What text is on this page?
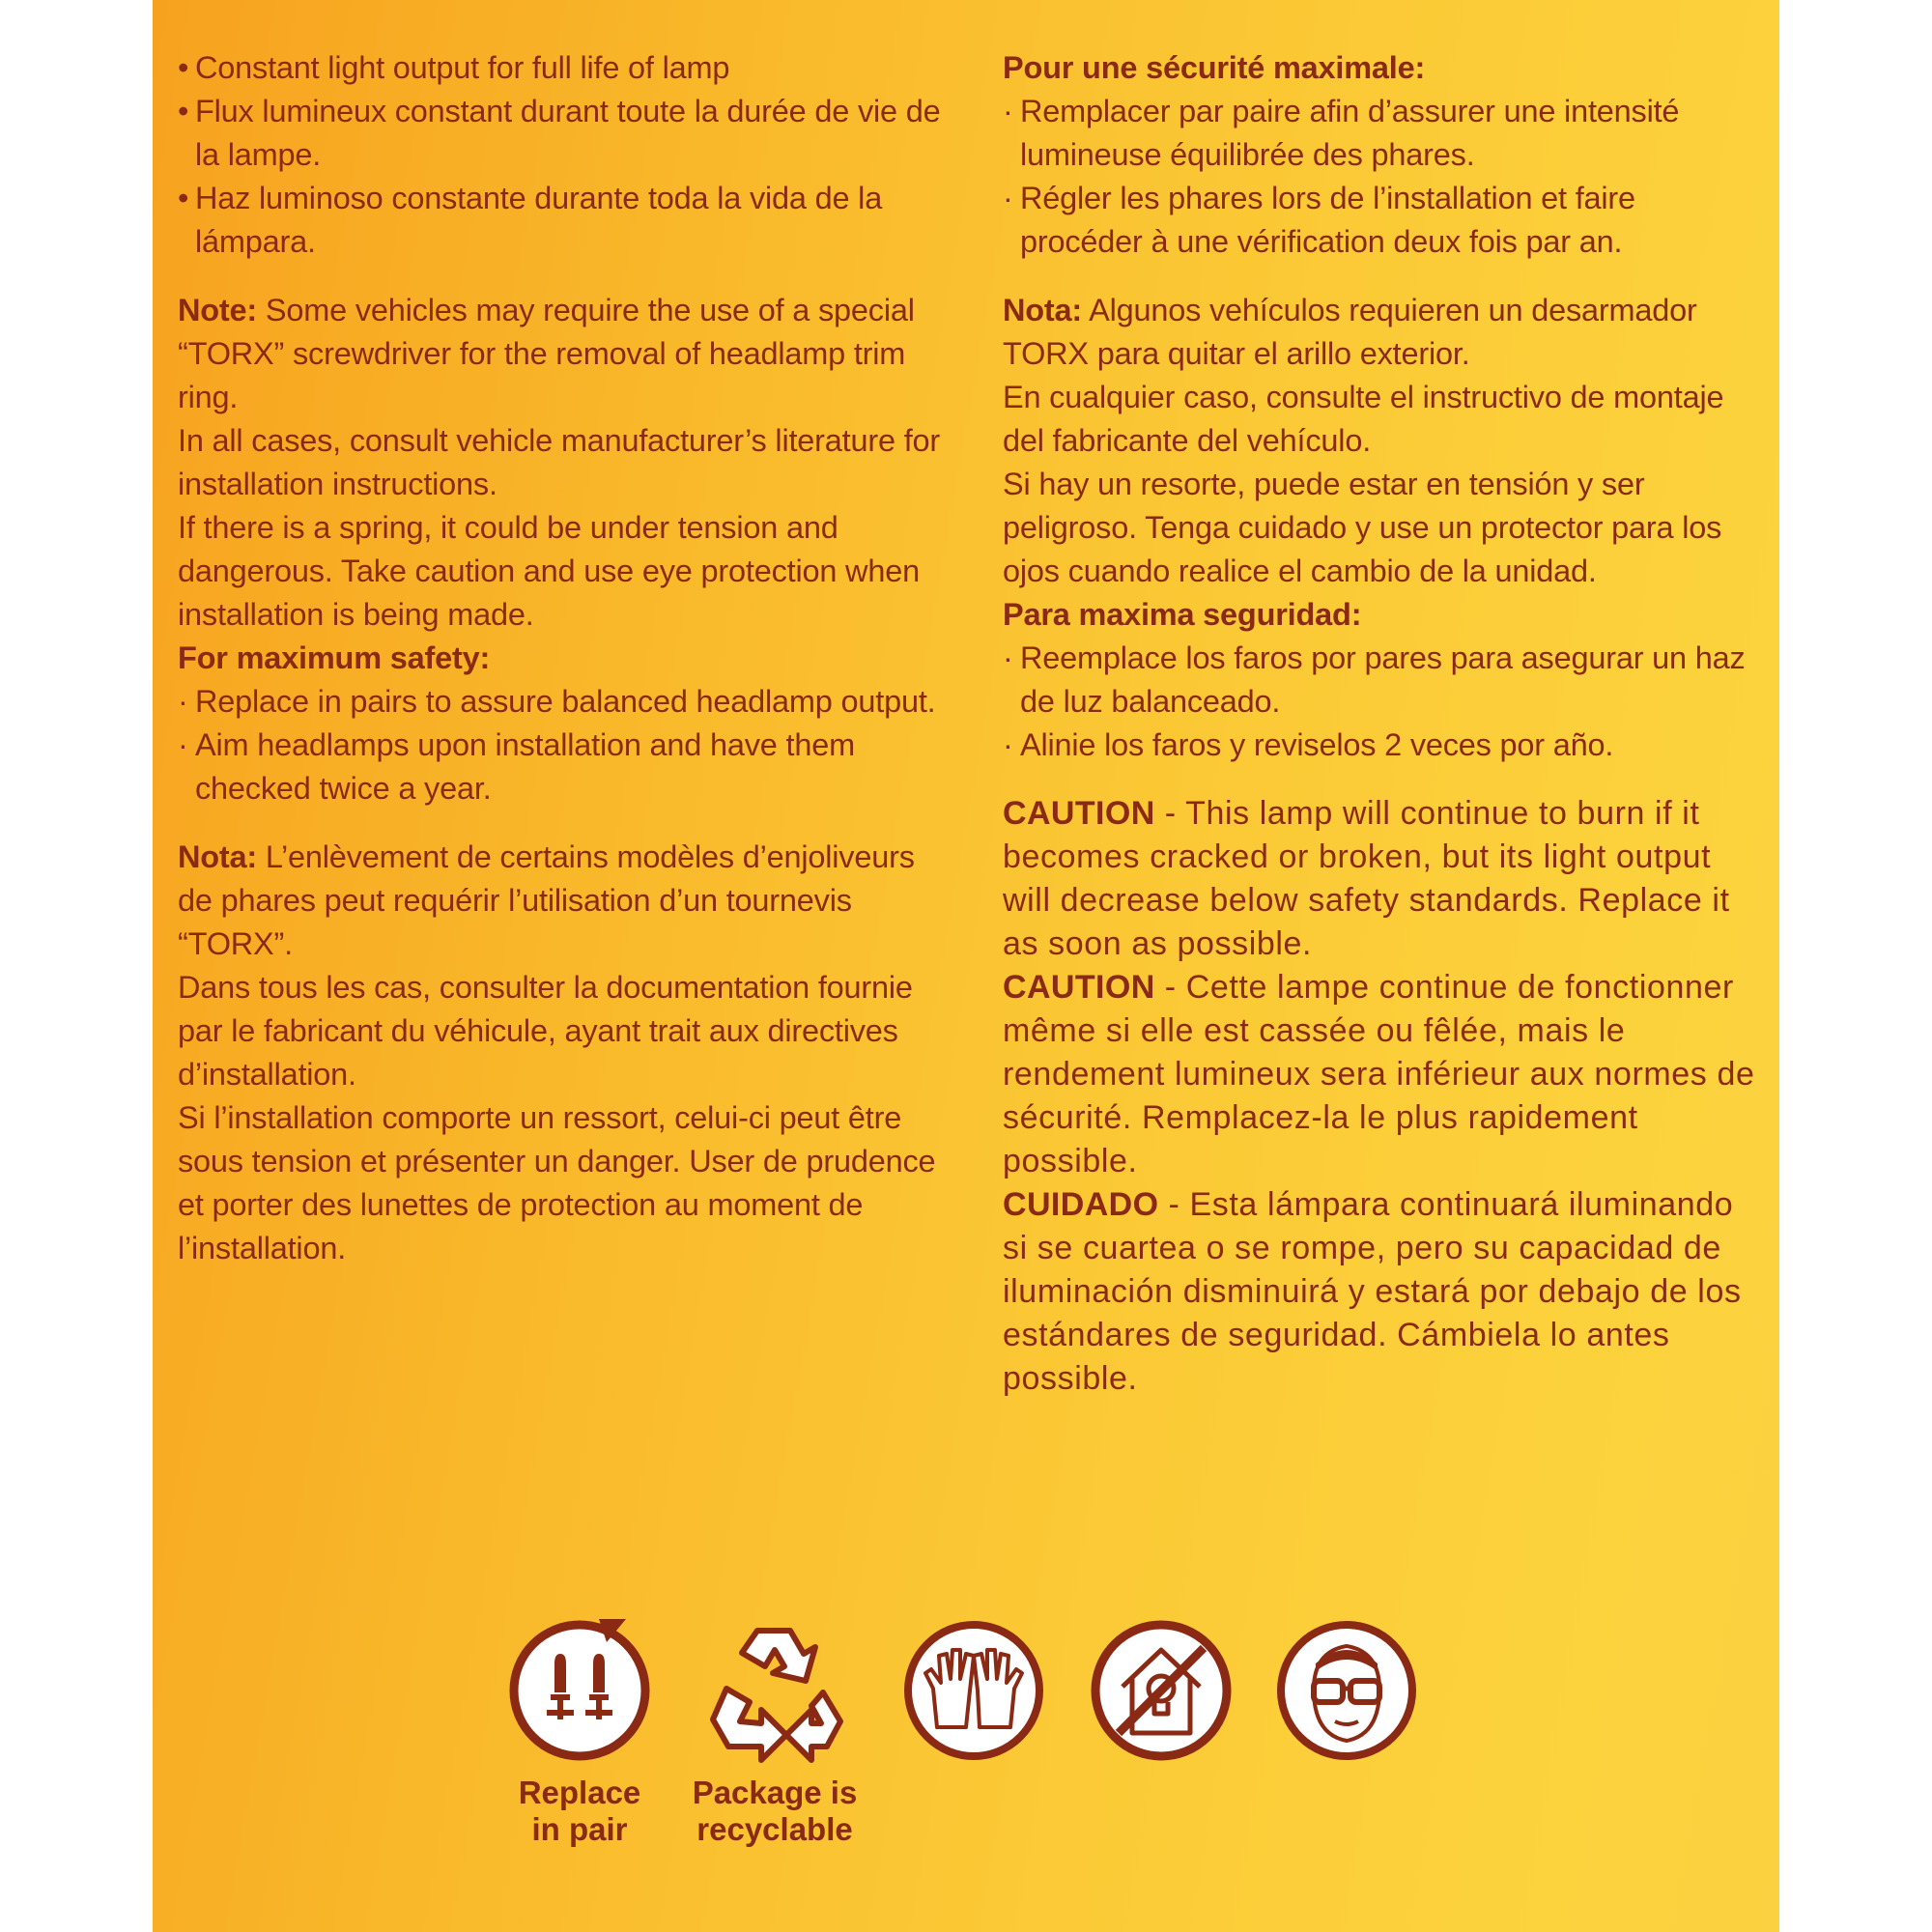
• Constant light output for full life of lamp
• Flux lumineux constant durant toute la durée de vie de la lampe.
• Haz luminoso constante durante toda la vida de la lámpara.

Note: Some vehicles may require the use of a special “TORX” screwdriver for the removal of headlamp trim ring.

In all cases, consult vehicle manufacturer’s literature for installation instructions.

If there is a spring, it could be under tension and dangerous. Take caution and use eye protection when installation is being made.

For maximum safety:

· Replace in pairs to assure balanced headlamp output.
· Aim headlamps upon installation and have them checked twice a year.

Nota: L’enlèvement de certains modèles d’enjoliveurs de phares peut requérir l’utilisation d’un tournevis “TORX”.

Dans tous les cas, consulter la documentation fournie par le fabricant du véhicule, ayant trait aux directives d’installation.

Si l’installation comporte un ressort, celui-ci peut être sous tension et présenter un danger. User de prudence et porter des lunettes de protection au moment de l’installation.

Pour une sécurité maximale:

· Remplacer par paire afin d’assurer une intensité lumineuse équilibrée des phares.
· Régler les phares lors de l’installation et faire procéder à une vérification deux fois par an.

Nota: Algunos vehículos requieren un desarmador TORX para quitar el arillo exterior.

En cualquier caso, consulte el instructivo de montaje del fabricante del vehículo.

Si hay un resorte, puede estar en tensión y ser peligroso. Tenga cuidado y use un protector para los ojos cuando realice el cambio de la unidad.

Para maxima seguridad:

· Reemplace los faros por pares para asegurar un haz de luz balanceado.
· Alinie los faros y reviselos 2 veces por año.

CAUTION - This lamp will continue to burn if it becomes cracked or broken, but its light output will decrease below safety standards. Replace it as soon as possible.

CAUTION - Cette lampe continue de fonctionner même si elle est cassée ou fêlée, mais le rendement lumineux sera inférieur aux normes de sécurité. Remplacez-la le plus rapidement possible.

CUIDADO - Esta lámpara continuará iluminando si se cuartea o se rompe, pero su capacidad de iluminación disminuirá y estará por debajo de los estándares de seguridad. Cámbiela lo antes possible.

Replace
in pair
Package is
recyclable
